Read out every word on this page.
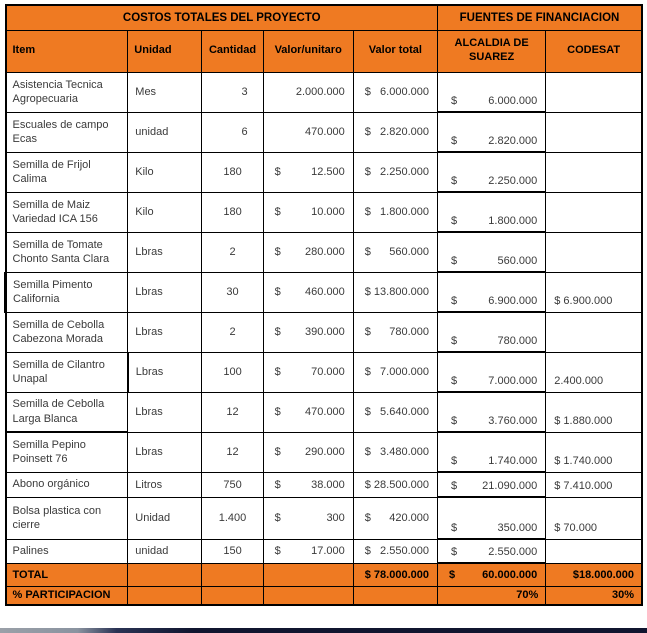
COSTOS TOTALES DEL PROYECTO					FUENTES DE FINANCIACION	
Item	Unidad	Cantidad	Valor/unitaro	Valor total	ALCALDIA DE SUAREZ	CODESAT
Asistencia Tecnica Agropecuaria	Mes	3	2.000.000	$ 6.000.000	$ 6.000.000	

Escuales de campo Ecas	unidad	6	470.000	$ 2.820.000	$ 2.820.000	

Semilla de Frijol Calima	Kilo	180	$ 12.500	$ 2.250.000	$ 2.250.000	

Semilla de Maiz Variedad ICA 156	Kilo	180	$ 10.000	$ 1.800.000	$ 1.800.000	

Semilla de Tomate Chonto Santa Clara	Lbras	2	$ 280.000	$ 560.000	$ 560.000	

Semilla Pimento California	Lbras	30	$ 460.000	$ 13.800.000	$ 6.900.000	$ 6.900.000
Semilla de Cebolla Cabezona Morada	Lbras	2	$ 390.000	$ 780.000	$ 780.000	

Semilla de Cilantro Unapal	Lbras	100	$ 70.000	$ 7.000.000	$ 7.000.000	2.400.000
Semilla de Cebolla Larga Blanca	Lbras	12	$ 470.000	$ 5.640.000	$ 3.760.000	$ 1.880.000
Semilla Pepino Poinsett 76	Lbras	12	$ 290.000	$ 3.480.000	$ 1.740.000	$ 1.740.000
Abono orgánico	Litros	750	$ 38.000	$ 28.500.000	$ 21.090.000	$ 7.410.000
Bolsa plastica con cierre	Unidad	1.400	$ 300	$ 420.000	$ 350.000	$ 70.000
Palines	unidad	150	$ 17.000	$ 2.550.000	$ 2.550.000	

TOTAL				$ 78.000.000	$ 60.000.000	$18.000.000
% PARTICIPACION					70%	30%
